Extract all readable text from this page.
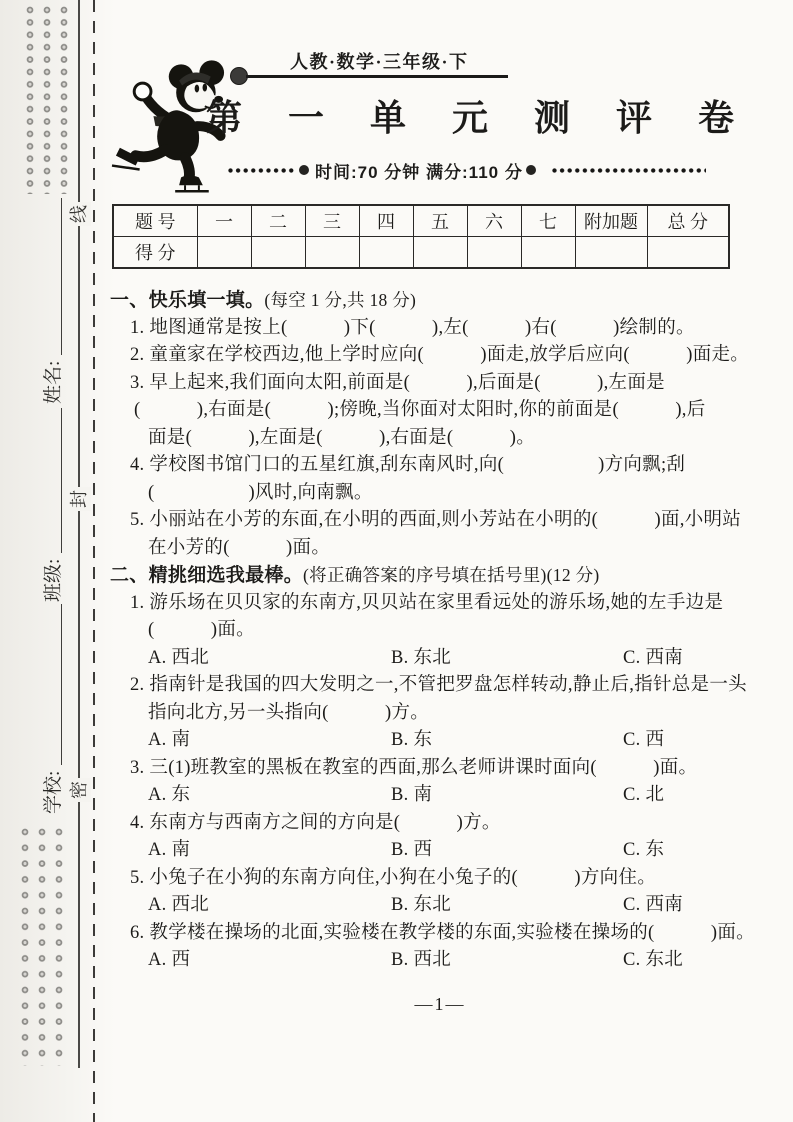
线
封
密
姓名:
班级:
学校:
人教·数学·三年级·下
第 一 单 元 测 评 卷
时间:70 分钟 满分:110 分
题 号	一	二	三	四	五	六	七	附加题	总 分
得 分									
一、快乐填一填。(每空 1 分,共 18 分)
1. 地图通常是按上(　　　)下(　　　),左(　　　)右(　　　)绘制的。
2. 童童家在学校西边,他上学时应向(　　　)面走,放学后应向(　　　)面走。
3. 早上起来,我们面向太阳,前面是(　　　),后面是(　　　),左面是
(　　　),右面是(　　　);傍晚,当你面对太阳时,你的前面是(　　　),后
面是(　　　),左面是(　　　),右面是(　　　)。
4. 学校图书馆门口的五星红旗,刮东南风时,向(　　　　　)方向飘;刮
(　　　　　)风时,向南飘。
5. 小丽站在小芳的东面,在小明的西面,则小芳站在小明的(　　　)面,小明站
在小芳的(　　　)面。
二、精挑细选我最棒。(将正确答案的序号填在括号里)(12 分)
1. 游乐场在贝贝家的东南方,贝贝站在家里看远处的游乐场,她的左手边是
(　　　)面。
A. 西北	B. 东北	C. 西南
2. 指南针是我国的四大发明之一,不管把罗盘怎样转动,静止后,指针总是一头
指向北方,另一头指向(　　　)方。
A. 南	B. 东	C. 西
3. 三(1)班教室的黑板在教室的西面,那么老师讲课时面向(　　　)面。
A. 东	B. 南	C. 北
4. 东南方与西南方之间的方向是(　　　)方。
A. 南	B. 西	C. 东
5. 小兔子在小狗的东南方向住,小狗在小兔子的(　　　)方向住。
A. 西北	B. 东北	C. 西南
6. 教学楼在操场的北面,实验楼在教学楼的东面,实验楼在操场的(　　　)面。
A. 西	B. 西北	C. 东北
—1—
